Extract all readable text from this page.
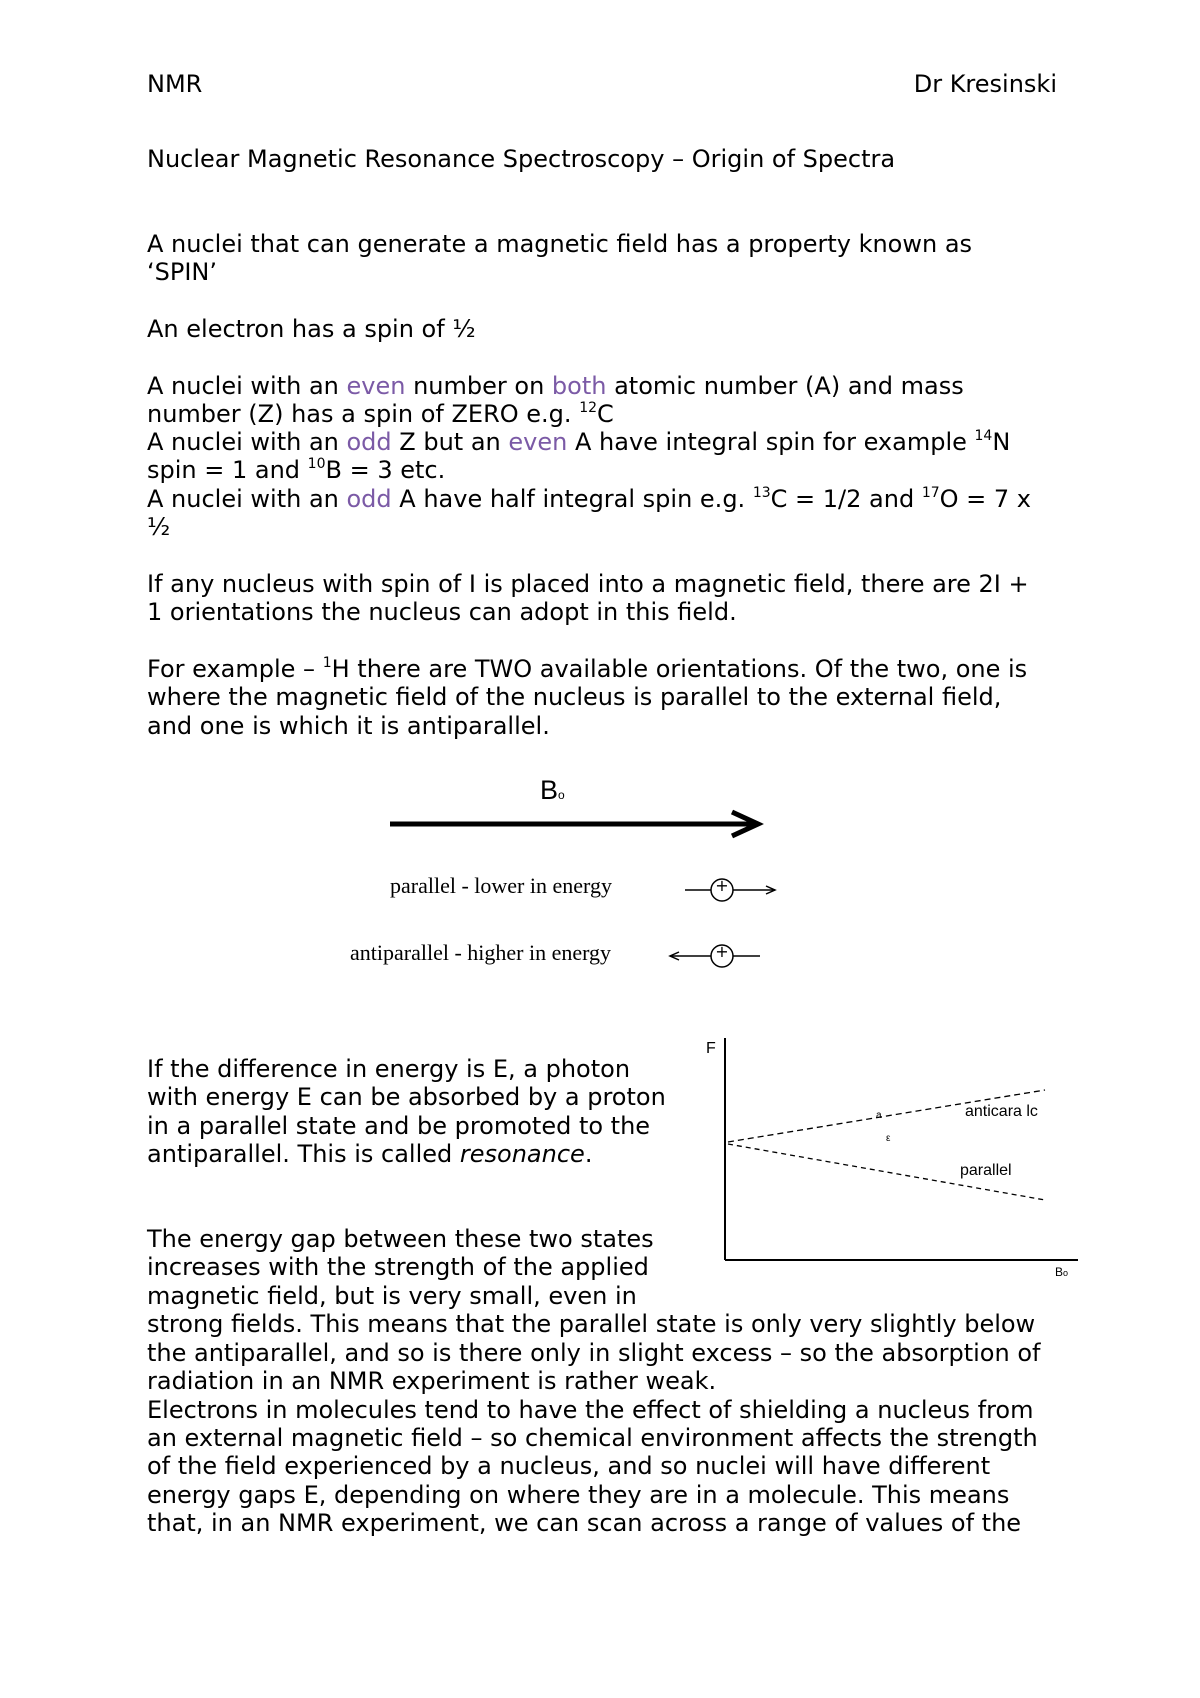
NMR	Dr Kresinski
Nuclear Magnetic Resonance Spectroscopy – Origin of Spectra
A nuclei that can generate a magnetic field has a property known as
‘SPIN’
An electron has a spin of ½
A nuclei with an even number on both atomic number (A) and mass
number (Z) has a spin of ZERO e.g. $^{12}$C
A nuclei with an odd Z but an even A have integral spin for example $^{14}$N
spin = 1 and $^{10}$B = 3 etc.
A nuclei with an odd A have half integral spin e.g. $^{13}$C = 1/2 and $^{17}$O = 7 x
½
If any nucleus with spin of I is placed into a magnetic field, there are 2I +
1 orientations the nucleus can adopt in this field.
For example – $^1$H there are TWO available orientations. Of the two, one is
where the magnetic field of the nucleus is parallel to the external field,
and one is which it is antiparallel.
Bo
parallel - lower in energy	+
antiparallel - higher in energy	+
If the difference in energy is E, a photon
with energy E can be absorbed by a proton
in a parallel state and be promoted to the
antiparallel. This is called resonance.
F
Bo
anticara lc
parallel
a
ε
The energy gap between these two states
increases with the strength of the applied
magnetic field, but is very small, even in
strong fields. This means that the parallel state is only very slightly below
the antiparallel, and so is there only in slight excess – so the absorption of
radiation in an NMR experiment is rather weak.
Electrons in molecules tend to have the effect of shielding a nucleus from
an external magnetic field – so chemical environment affects the strength
of the field experienced by a nucleus, and so nuclei will have different
energy gaps E, depending on where they are in a molecule. This means
that, in an NMR experiment, we can scan across a range of values of the
